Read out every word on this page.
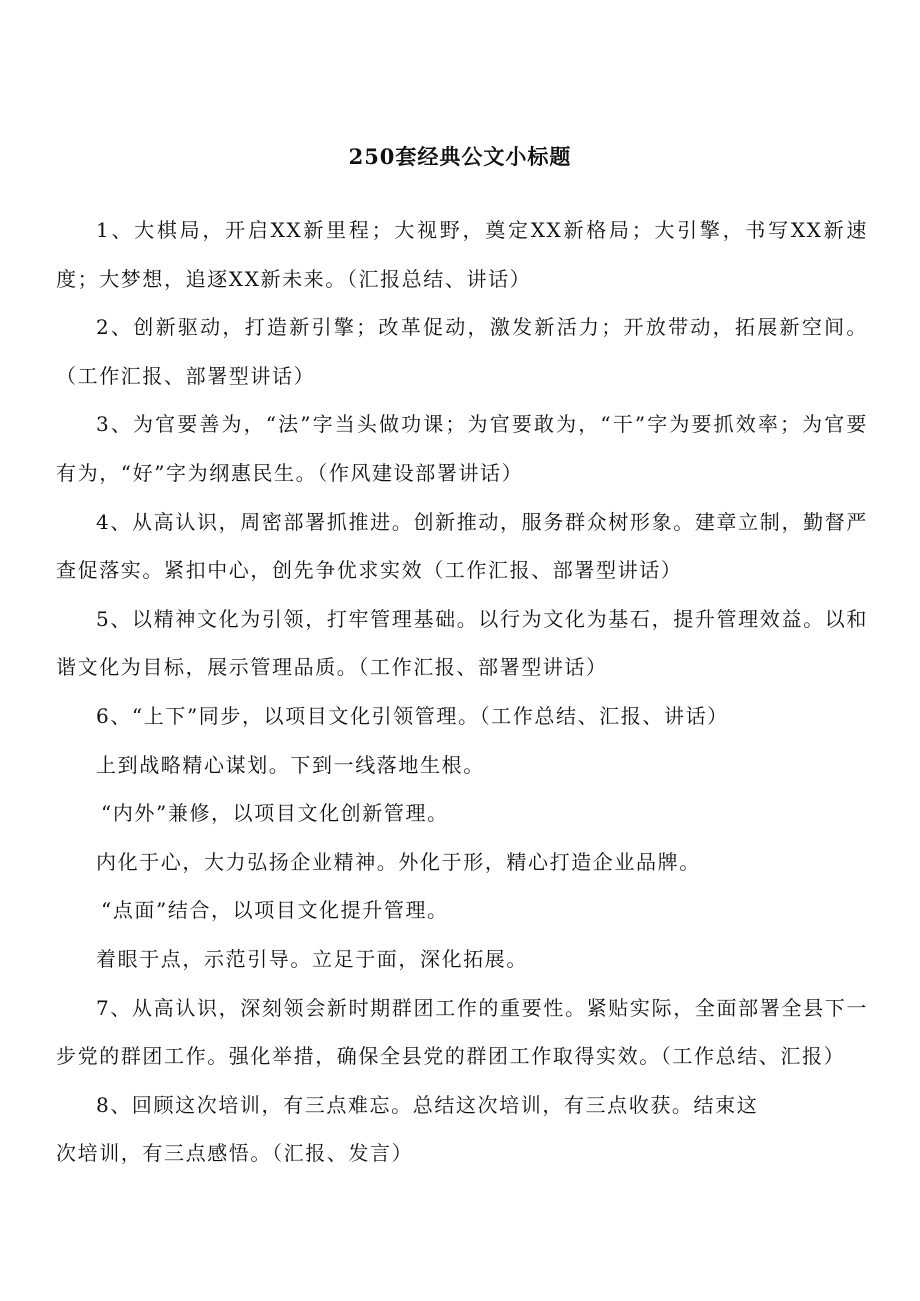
250套经典公文小标题

1、大棋局，开启XX新里程；大视野，奠定XX新格局；大引擎，书写XX新速度；大梦想，追逐XX新未来。（汇报总结、讲话）

2、创新驱动，打造新引擎；改革促动，激发新活力；开放带动，拓展新空间。（工作汇报、部署型讲话）

3、为官要善为，“法”字当头做功课；为官要敢为，“干”字为要抓效率；为官要有为，“好”字为纲惠民生。（作风建设部署讲话）

4、从高认识，周密部署抓推进。创新推动，服务群众树形象。建章立制，勤督严查促落实。紧扣中心，创先争优求实效（工作汇报、部署型讲话）

5、以精神文化为引领，打牢管理基础。以行为文化为基石，提升管理效益。以和谐文化为目标，展示管理品质。（工作汇报、部署型讲话）

6、“上下”同步，以项目文化引领管理。（工作总结、汇报、讲话）

上到战略精心谋划。下到一线落地生根。

“内外”兼修，以项目文化创新管理。

内化于心，大力弘扬企业精神。外化于形，精心打造企业品牌。

“点面”结合，以项目文化提升管理。

着眼于点，示范引导。立足于面，深化拓展。

7、从高认识，深刻领会新时期群团工作的重要性。紧贴实际，全面部署全县下一步党的群团工作。强化举措，确保全县党的群团工作取得实效。（工作总结、汇报）

8、回顾这次培训，有三点难忘。总结这次培训，有三点收获。结束这

次培训，有三点感悟。（汇报、发言）
